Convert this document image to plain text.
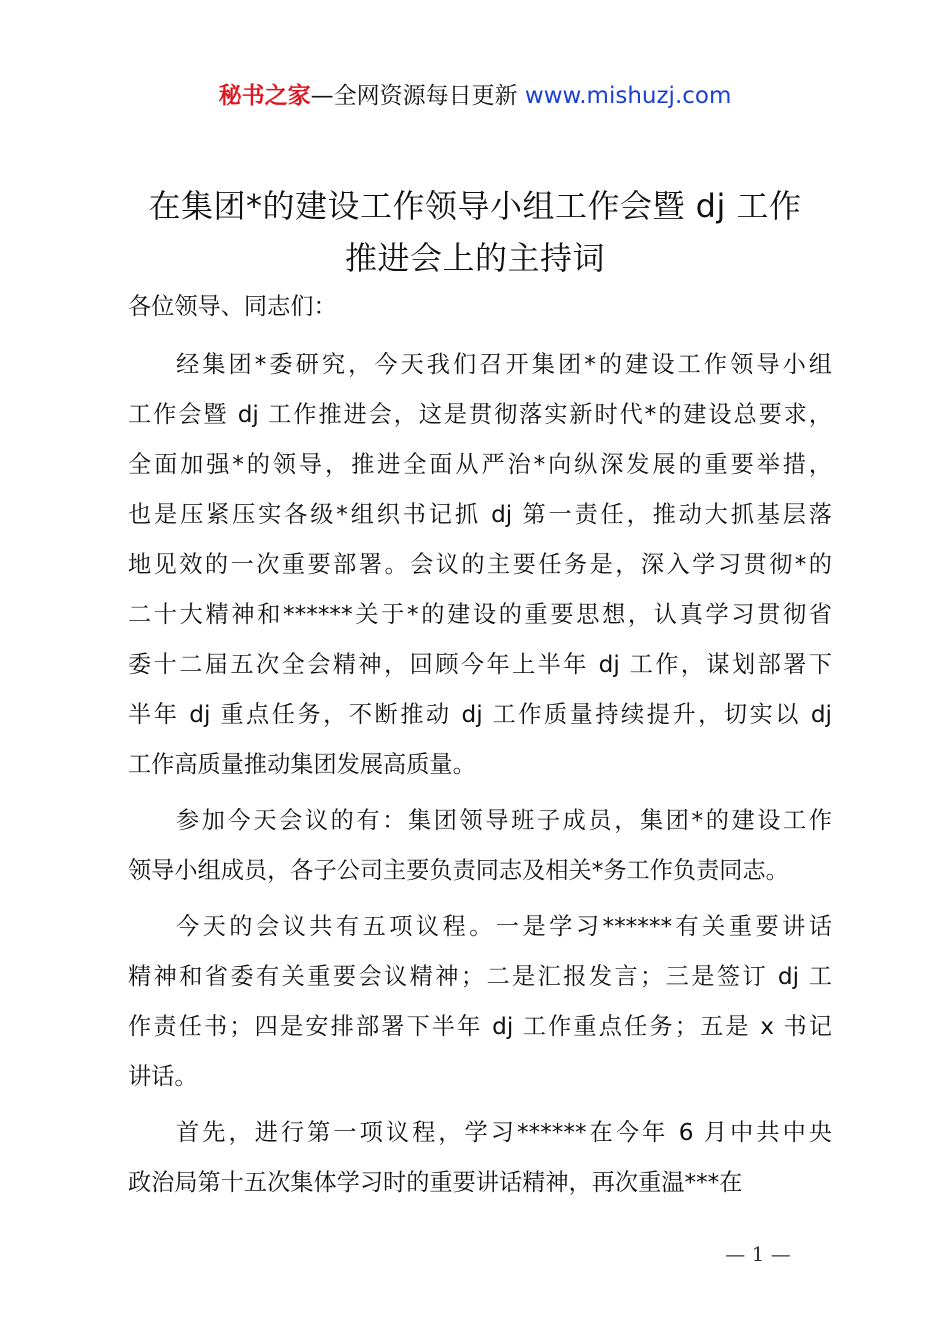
秘书之家—全网资源每日更新 www.mishuzj.com
在集团*的建设工作领导小组工作会暨 dj 工作
推进会上的主持词
各位领导、同志们：
经集团*委研究，今天我们召开集团*的建设工作领导小组
工作会暨 dj 工作推进会，这是贯彻落实新时代*的建设总要求，
全面加强*的领导，推进全面从严治*向纵深发展的重要举措，
也是压紧压实各级*组织书记抓 dj 第一责任，推动大抓基层落
地见效的一次重要部署。会议的主要任务是，深入学习贯彻*的
二十大精神和******关于*的建设的重要思想，认真学习贯彻省
委十二届五次全会精神，回顾今年上半年 dj 工作，谋划部署下
半年 dj 重点任务，不断推动 dj 工作质量持续提升，切实以 dj
工作高质量推动集团发展高质量。
参加今天会议的有：集团领导班子成员，集团*的建设工作
领导小组成员，各子公司主要负责同志及相关*务工作负责同志。
今天的会议共有五项议程。一是学习******有关重要讲话
精神和省委有关重要会议精神；二是汇报发言；三是签订 dj 工
作责任书；四是安排部署下半年 dj 工作重点任务；五是 x 书记
讲话。
首先，进行第一项议程，学习******在今年 6 月中共中央
政治局第十五次集体学习时的重要讲话精神，再次重温***在
— 1 —
